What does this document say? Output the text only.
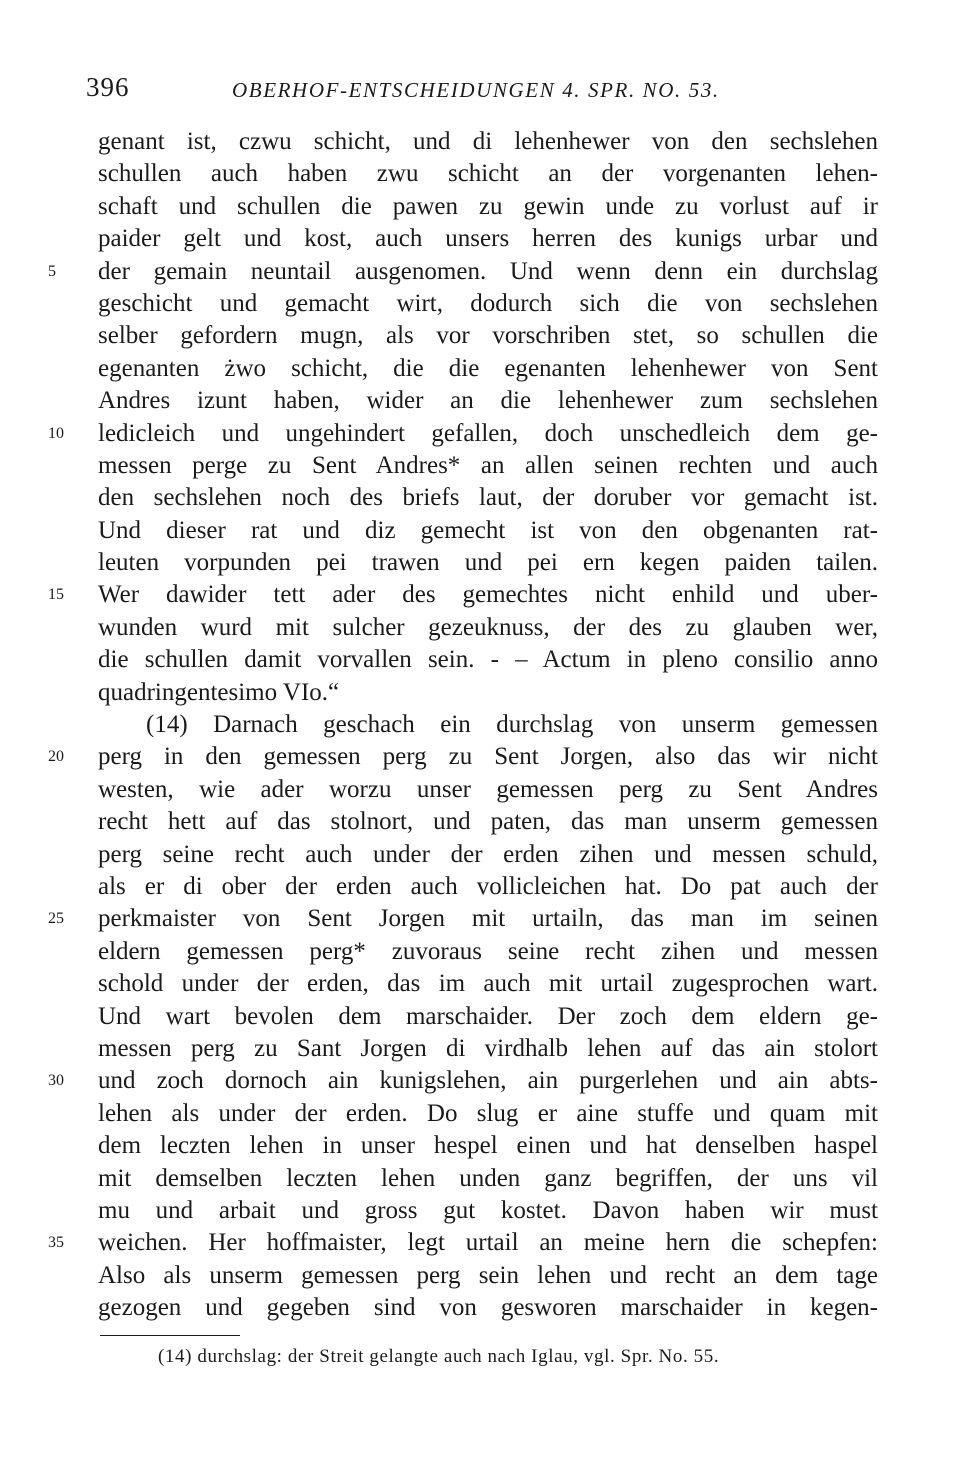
396	OBERHOF-ENTSCHEIDUNGEN 4. SPR. NO. 53.
genant ist, czwu schicht, und di lehenhewer von den sechslehen
schullen auch haben zwu schicht an der vorgenanten lehen-
schaft und schullen die pawen zu gewin unde zu vorlust auf ir
paider gelt und kost, auch unsers herren des kunigs urbar und
5	der gemain neuntail ausgenomen. Und wenn denn ein durchslag
geschicht und gemacht wirt, dodurch sich die von sechslehen
selber gefordern mugn, als vor vorschriben stet, so schullen die
egenanten żwo schicht, die die egenanten lehenhewer von Sent
Andres izunt haben, wider an die lehenhewer zum sechslehen
10	ledicleich und ungehindert gefallen, doch unschedleich dem ge-
messen perge zu Sent Andres* an allen seinen rechten und auch
den sechslehen noch des briefs laut, der doruber vor gemacht ist.
Und dieser rat und diz gemecht ist von den obgenanten rat-
leuten vorpunden pei trawen und pei ern kegen paiden tailen.
15	Wer dawider tett ader des gemechtes nicht enhild und uber-
wunden wurd mit sulcher gezeuknuss, der des zu glauben wer,
die schullen damit vorvallen sein. - – Actum in pleno consilio anno
quadringentesimo VIo.“
(14) Darnach geschach ein durchslag von unserm gemessen
20	perg in den gemessen perg zu Sent Jorgen, also das wir nicht
westen, wie ader worzu unser gemessen perg zu Sent Andres
recht hett auf das stolnort, und paten, das man unserm gemessen
perg seine recht auch under der erden zihen und messen schuld,
als er di ober der erden auch vollicleichen hat. Do pat auch der
25	perkmaister von Sent Jorgen mit urtailn, das man im seinen
eldern gemessen perg* zuvoraus seine recht zihen und messen
schold under der erden, das im auch mit urtail zugesprochen wart.
Und wart bevolen dem marschaider. Der zoch dem eldern ge-
messen perg zu Sant Jorgen di virdhalb lehen auf das ain stolort
30	und zoch dornoch ain kunigslehen, ain purgerlehen und ain abts-
lehen als under der erden. Do slug er aine stuffe und quam mit
dem leczten lehen in unser hespel einen und hat denselben haspel
mit demselben leczten lehen unden ganz begriffen, der uns vil
mu und arbait und gross gut kostet. Davon haben wir must
35	weichen. Her hoffmaister, legt urtail an meine hern die schepfen:
Also als unserm gemessen perg sein lehen und recht an dem tage
gezogen und gegeben sind von gesworen marschaider in kegen-
(14) durchslag: der Streit gelangte auch nach Iglau, vgl. Spr. No. 55.
